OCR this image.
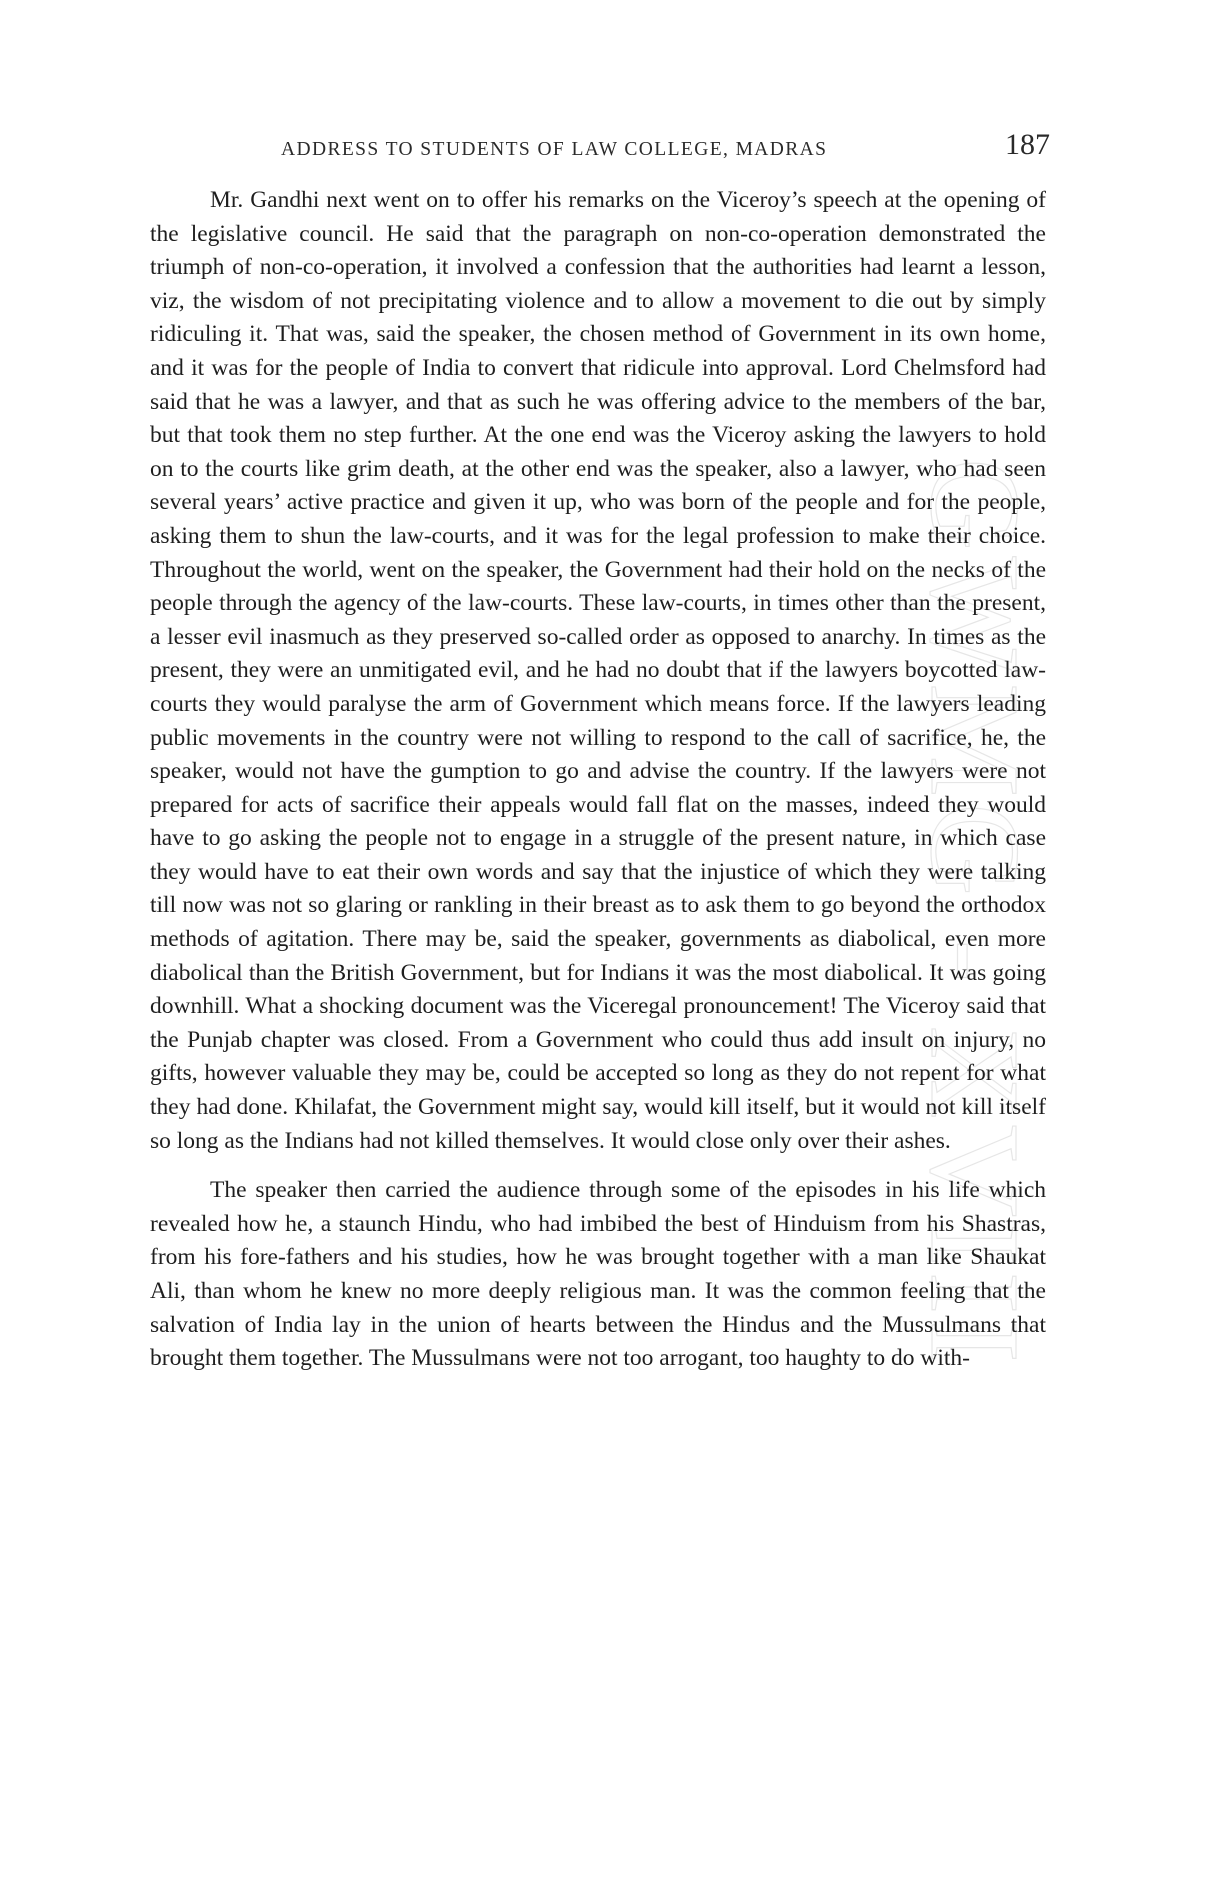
GWMG - XVIII
ADDRESS TO STUDENTS OF LAW COLLEGE, MADRAS	187

Mr. Gandhi next went on to offer his remarks on the Viceroy’s speech at the opening of the legislative council. He said that the paragraph on non-co-operation demonstrated the triumph of non-co-operation, it involved a confession that the authorities had learnt a lesson, viz, the wisdom of not precipitating violence and to allow a movement to die out by simply ridiculing it. That was, said the speaker, the chosen method of Government in its own home, and it was for the people of India to convert that ridicule into approval. Lord Chelmsford had said that he was a lawyer, and that as such he was offering advice to the members of the bar, but that took them no step further. At the one end was the Viceroy asking the lawyers to hold on to the courts like grim death, at the other end was the speaker, also a lawyer, who had seen several years’ active practice and given it up, who was born of the people and for the people, asking them to shun the law-courts, and it was for the legal profession to make their choice. Throughout the world, went on the speaker, the Government had their hold on the necks of the people through the agency of the law-courts. These law-courts, in times other than the present, a lesser evil inasmuch as they preserved so-called order as opposed to anarchy. In times as the present, they were an unmitigated evil, and he had no doubt that if the lawyers boycotted law-courts they would paralyse the arm of Government which means force. If the lawyers leading public movements in the country were not willing to respond to the call of sacrifice, he, the speaker, would not have the gumption to go and advise the country. If the lawyers were not prepared for acts of sacrifice their appeals would fall flat on the masses, indeed they would have to go asking the people not to engage in a struggle of the present nature, in which case they would have to eat their own words and say that the injustice of which they were talking till now was not so glaring or rankling in their breast as to ask them to go beyond the orthodox methods of agitation. There may be, said the speaker, governments as diabolical, even more diabolical than the British Government, but for Indians it was the most diabolical. It was going downhill. What a shocking document was the Viceregal pronouncement! The Viceroy said that the Punjab chapter was closed. From a Government who could thus add insult on injury, no gifts, however valuable they may be, could be accepted so long as they do not repent for what they had done. Khilafat, the Government might say, would kill itself, but it would not kill itself so long as the Indians had not killed themselves. It would close only over their ashes.

The speaker then carried the audience through some of the episodes in his life which revealed how he, a staunch Hindu, who had imbibed the best of Hinduism from his Shastras, from his fore-fathers and his studies, how he was brought together with a man like Shaukat Ali, than whom he knew no more deeply religious man. It was the common feeling that the salvation of India lay in the union of hearts between the Hindus and the Mussulmans that brought them together. The Mussulmans were not too arrogant, too haughty to do with-
